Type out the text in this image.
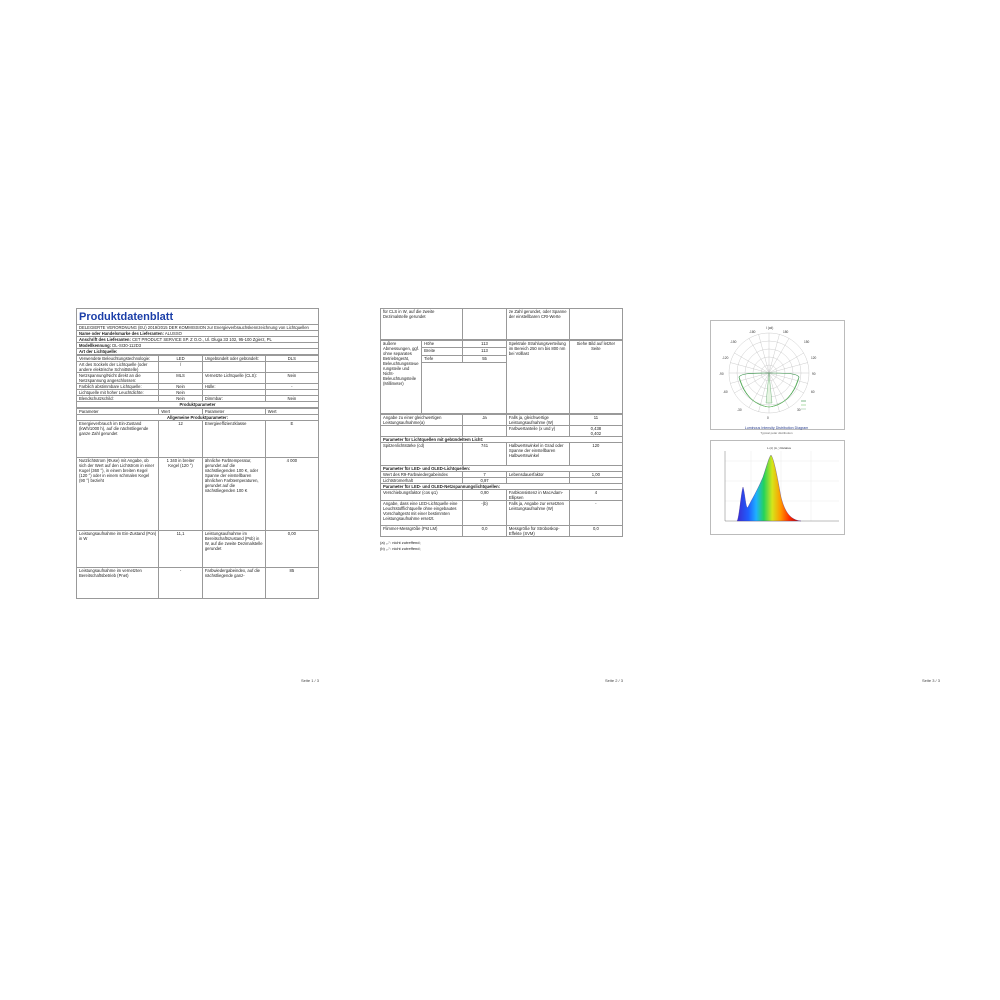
Produktdatenblatt
DELEGIERTE VERORDNUNG (EU) 2019/2015 DER KOMMISSION zur Energieverbrauchskennzeichnung von Lichtquellen
Name oder Handelsmarke des Lieferanten: ALUSSO
Anschrift des Lieferanten: CET PRODUCT SERVICE SP. Z O.O., Ul. Dluga 33 102, 95-100 Zgierz, PL
Modellkennung: DL-SI30-112D3
Art der Lichtquelle:
Verwendete Beleuchtungstechnologie:	LED	Ungebündelt oder gebündelt:	DLS
Art des Sockels der Lichtquelle (oder andere elektrische Schnittstelle)	/		
Netzspannung/Nicht direkt an die Netzspannung angeschlossen:	MLS	Vernetzte Lichtquelle (CLS):	Nein
Farblich abstimmbare Lichtquelle:	Nein	Hülle:	-
Lichtquelle mit hoher Leuchtdichte:	Nein		
Blendschutzschild:	Nein	Dimmbar:	Nein
Produktparameter
Parameter	Wert	Parameter	Wert
Allgemeine Produktparameter:			
Energieverbrauch im Ein-Zustand (kWh/1000 h), auf die nächstliegende ganze Zahl gerundet	12	Energieeffizienzklasse	E
Nutzlichtstrom (Φuse) mit Angabe, ob sich der Wert auf den Lichtstrom in einer Kugel (360 °), in einem breiten Kegel (120 °) oder in einem schmalen Kegel (90 °) bezieht	1 340 in breiter Kegel (120 °)	ähnliche Farbtemperatur, gerundet auf die nächstliegenden 100 K, oder Spanne der einstellbaren ähnlichen Farbtemperaturen, gerundet auf die nächstliegenden 100 K	4 000
Leistungsaufnahme im Ein-Zustand (Pon) in W	11,1	Leistungsaufnahme im Bereitschaftszustand (Psb) in W, auf die zweite Dezimalstelle gerundet	0,00
Leistungsaufnahme im vernetzten Bereitschaftsbetrieb (Pnet)	-	Farbwiedergabeindex, auf die nächstliegende ganz-	85
Seite 1 / 3
für CLS in W, auf die zweite Dezimalstelle gerundet		ze Zahl gerundet, oder Spanne der einstellbaren CRI-Werte	
äußere Abmessungen, ggf. ohne separates Betriebsgerät, Beleuchtungssteuerungsteile und Nicht-Beleuchtungsteile (Millimeter)	Höhe	113	Spektrale Strahlungsverteilung im Bereich 250 nm bis 800 nm bei Volllast	Siehe Bild auf letzter Seite
	Breite	113		
	Tiefe	55		

Angabe zu einer gleichwertigen Leistungsaufnahme(a)	Ja	Falls ja, gleichwertige Leistungsaufnahme (W)	11
		Farbwertanteile (x und y)	0,438
0,402
Parameter für Lichtquellen mit gebündeltem Licht:			
Spitzenlichtstärke (cd)	741	Halbwertswinkel in Grad oder Spanne der einstellbaren Halbwertswinkel	120
Parameter für LED- und OLED-Lichtquellen:			
Wert des R9-Farbwiedergabeindex	7	Lebensdauerfaktor	1,00
Lichtstromerhalt	0,97		
Parameter für LED- und OLED-Netzspannungslichtquellen:			
Verschiebungsfaktor (cos φ1)	0,90	Farbkonsistenz in MacAdam-Ellipsen	4
Angabe, dass eine LED-Lichtquelle eine Leuchtstofflichtquelle ohne eingebautes Vorschaltgerät mit einer bestimmten Leistungsaufnahme ersetzt.	-(b)	Falls ja, Angabe zur ersetzten Leistungsaufnahme (W)	-
Flimmer-Messgröße (Pst LM)	0,0	Messgröße für Stroboskop-Effekte (SVM)	0,0
(a) „-“: nicht zutreffend;
(b) „-“: nicht zutreffend;
Seite 2 / 3
-180	180
-150	150
-120	120
-90	90
-60	60
-30	30
0
I (cd)
Luminous Intensity Distribution Diagram
Typical polar distribution
L.(λ) (A, ) Relative
Seite 3 / 3
